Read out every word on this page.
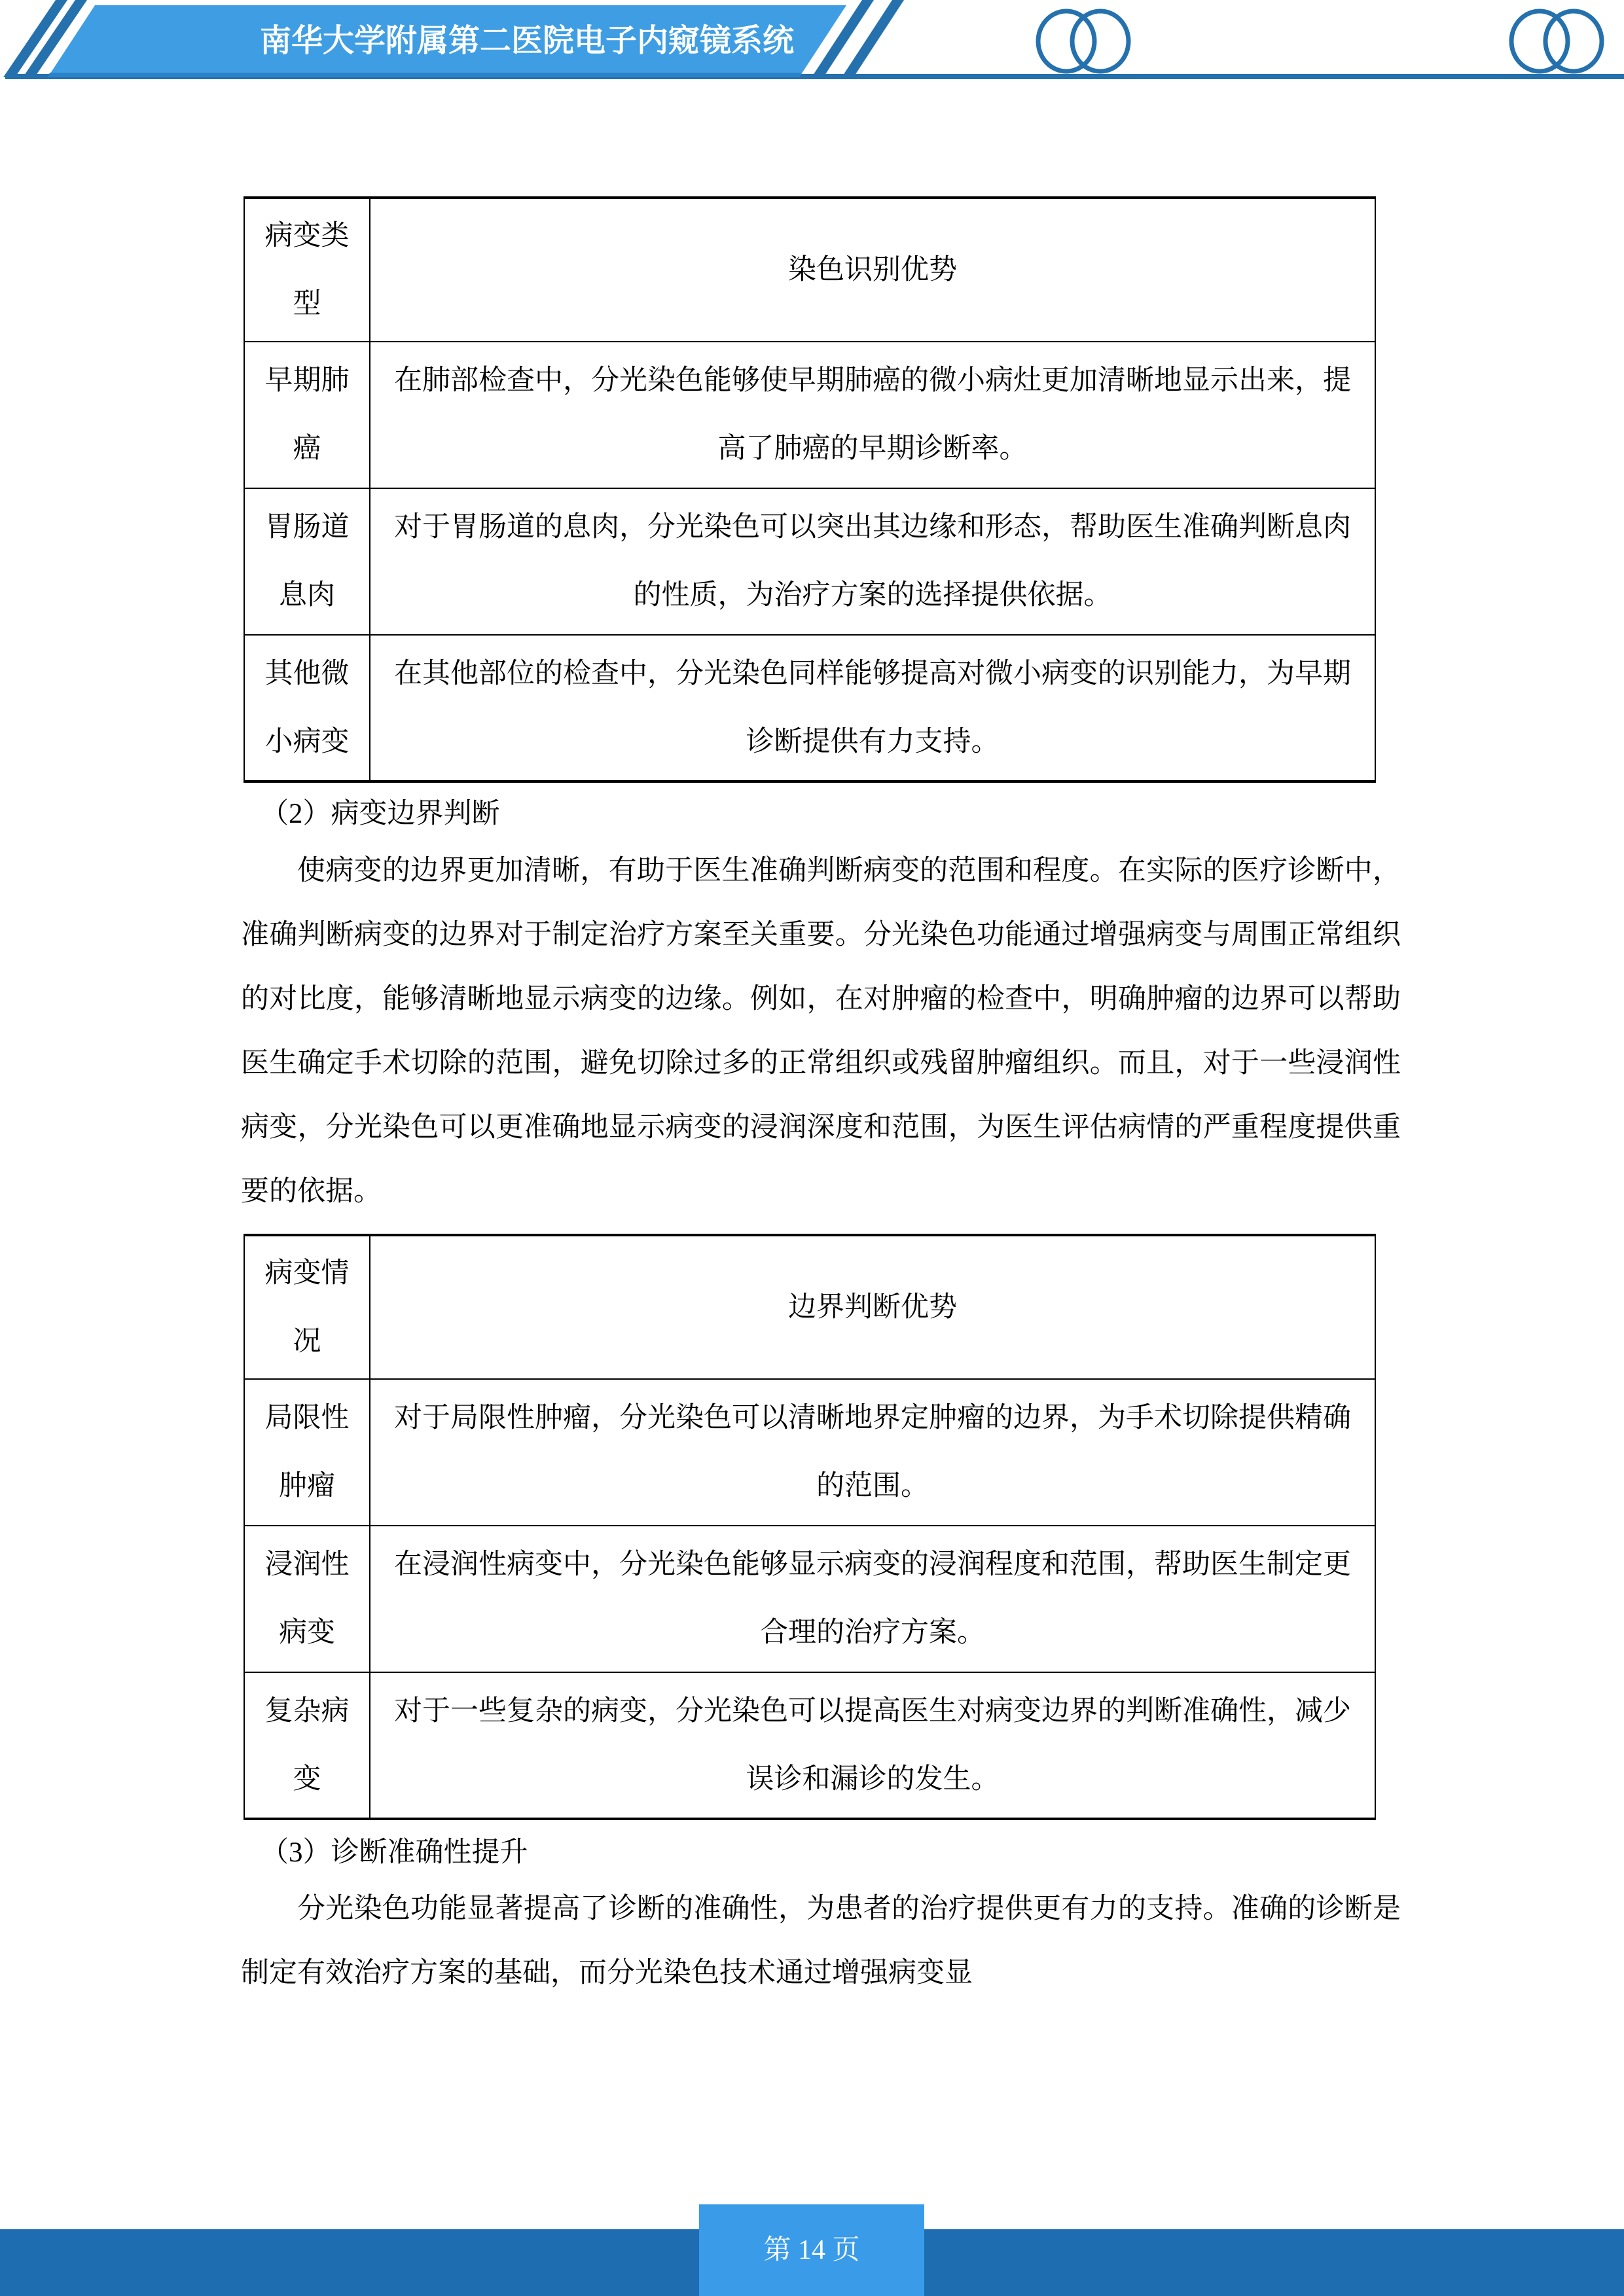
南华大学附属第二医院电子内窥镜系统
病变类型	染色识别优势
早期肺癌	在肺部检查中，分光染色能够使早期肺癌的微小病灶更加清晰地显示出来，提高了肺癌的早期诊断率。
胃肠道息肉	对于胃肠道的息肉，分光染色可以突出其边缘和形态，帮助医生准确判断息肉的性质，为治疗方案的选择提供依据。
其他微小病变	在其他部位的检查中，分光染色同样能够提高对微小病变的识别能力，为早期诊断提供有力支持。
（2）病变边界判断
使病变的边界更加清晰，有助于医生准确判断病变的范围和程度。在实际的医疗诊断中，准确判断病变的边界对于制定治疗方案至关重要。分光染色功能通过增强病变与周围正常组织的对比度，能够清晰地显示病变的边缘。例如，在对肿瘤的检查中，明确肿瘤的边界可以帮助医生确定手术切除的范围，避免切除过多的正常组织或残留肿瘤组织。而且，对于一些浸润性病变，分光染色可以更准确地显示病变的浸润深度和范围，为医生评估病情的严重程度提供重要的依据。
病变情况	边界判断优势
局限性肿瘤	对于局限性肿瘤，分光染色可以清晰地界定肿瘤的边界，为手术切除提供精确的范围。
浸润性病变	在浸润性病变中，分光染色能够显示病变的浸润程度和范围，帮助医生制定更合理的治疗方案。
复杂病变	对于一些复杂的病变，分光染色可以提高医生对病变边界的判断准确性，减少误诊和漏诊的发生。
（3）诊断准确性提升
分光染色功能显著提高了诊断的准确性，为患者的治疗提供更有力的支持。准确的诊断是制定有效治疗方案的基础，而分光染色技术通过增强病变显
第 14 页
